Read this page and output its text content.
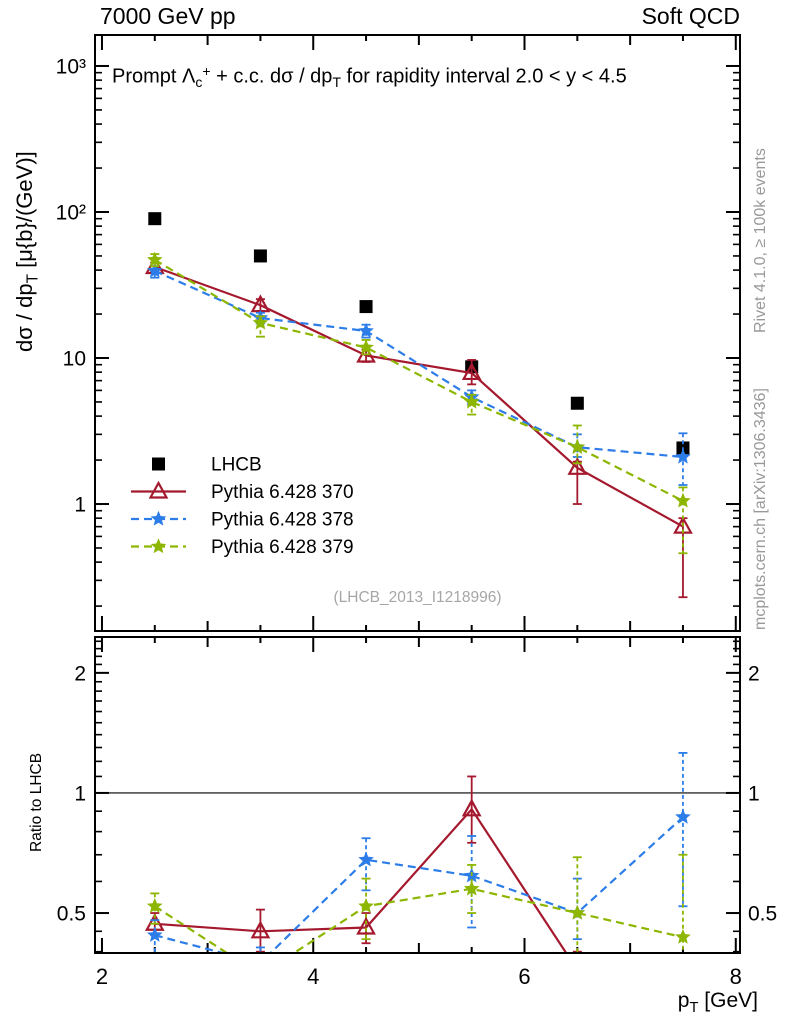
1
10
10²
10³
0.5	0.5
1	1
2	2
2	4	6	8
LHCB
Pythia 6.428 370
Pythia 6.428 378
Pythia 6.428 379
7000 GeV pp	Soft QCD
Prompt $\Lambda_c^+ + c.c$. dσ / $dp_T$ for rapidity interval 2.0 < y < 4.5
dσ / $dp_T$ [μ{b}/(GeV)]
Ratio to LHCB
$p_T$ [GeV]
Rivet 4.1.0, ≥ 100k events
mcplots.cern.ch [arXiv:1306.3436]
(LHCB_2013_I1218996)
